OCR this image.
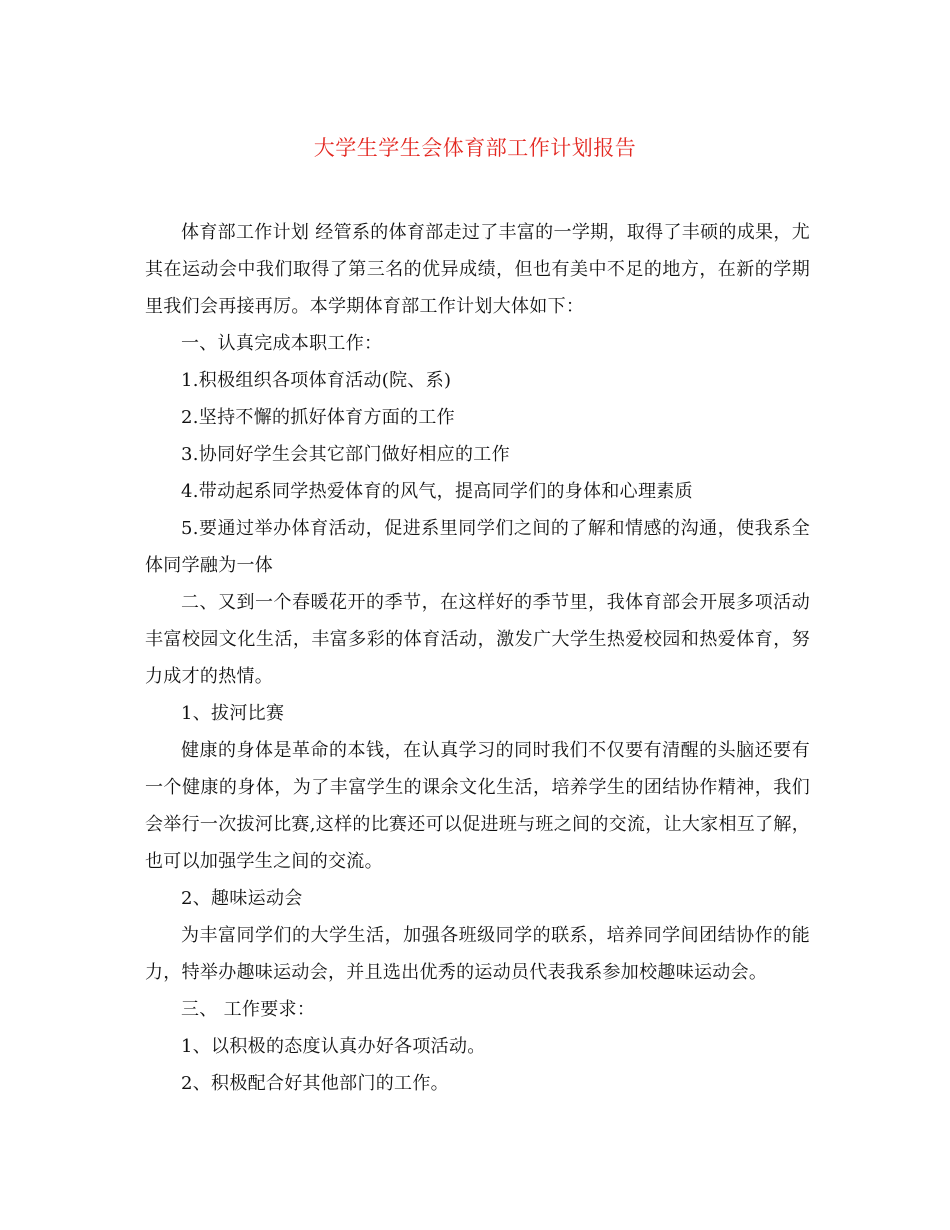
大学生学生会体育部工作计划报告

体育部工作计划 经管系的体育部走过了丰富的一学期，取得了丰硕的成果，尤其在运动会中我们取得了第三名的优异成绩，但也有美中不足的地方，在新的学期里我们会再接再厉。本学期体育部工作计划大体如下：

一、认真完成本职工作：

1.积极组织各项体育活动(院、系)

2.坚持不懈的抓好体育方面的工作

3.协同好学生会其它部门做好相应的工作

4.带动起系同学热爱体育的风气，提高同学们的身体和心理素质

5.要通过举办体育活动，促进系里同学们之间的了解和情感的沟通，使我系全体同学融为一体

二、又到一个春暖花开的季节，在这样好的季节里，我体育部会开展多项活动丰富校园文化生活，丰富多彩的体育活动，激发广大学生热爱校园和热爱体育，努力成才的热情。

1、拔河比赛

健康的身体是革命的本钱，在认真学习的同时我们不仅要有清醒的头脑还要有一个健康的身体，为了丰富学生的课余文化生活，培养学生的团结协作精神，我们会举行一次拔河比赛,这样的比赛还可以促进班与班之间的交流，让大家相互了解，也可以加强学生之间的交流。

2、趣味运动会

为丰富同学们的大学生活，加强各班级同学的联系，培养同学间团结协作的能力，特举办趣味运动会，并且选出优秀的运动员代表我系参加校趣味运动会。

三、 工作要求：

1、以积极的态度认真办好各项活动。

2、积极配合好其他部门的工作。
